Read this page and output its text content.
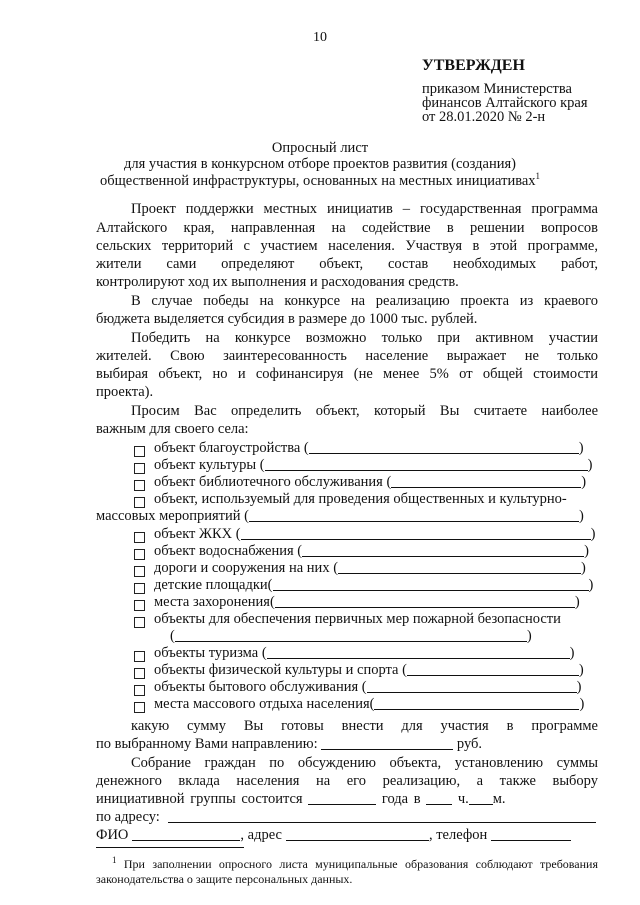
10
УТВЕРЖДЕН
приказом Министерства
финансов Алтайского края
от 28.01.2020 № 2-н
Опросный лист
для участия в конкурсном отборе проектов развития (создания)
общественной инфраструктуры, основанных на местных инициативах$^1$
Проект поддержки местных инициатив – государственная программа
Алтайского края, направленная на содействие в решении вопросов
сельских территорий с участием населения. Участвуя в этой программе,
жители сами определяют объект, состав необходимых работ,
контролируют ход их выполнения и расходования средств.
В случае победы на конкурсе на реализацию проекта из краевого
бюджета выделяется субсидия в размере до 1000 тыс. рублей.
Победить на конкурсе возможно только при активном участии
жителей. Свою заинтересованность население выражает не только
выбирая объект, но и софинансируя (не менее 5% от общей стоимости
проекта).
Просим Вас определить объект, который Вы считаете наиболее
важным для своего села:
объект благоустройства (	)
объект культуры (	)
объект библиотечного обслуживания (	)
объект, используемый для проведения общественных и культурно-
массовых мероприятий (	)
объект ЖКХ (	)
объект водоснабжения (	)
дороги и сооружения на них (	)
детские площадки(	)
места захоронения(	)
объекты для обеспечения первичных мер пожарной безопасности
(	)
объекты туризма (	)
объекты физической культуры и спорта (	)
объекты бытового обслуживания (	)
места массового отдыха населения(	)
какую сумму Вы готовы внести для участия в программе
по выбранному Вами направлению:	руб.
Собрание граждан по обсуждению объекта, установлению суммы
денежного вклада населения на его реализацию, а также выбору
инициативной группы состоится	года в	ч. м.
по адресу:
ФИО	, адрес	, телефон
$^1$ При заполнении опросного листа муниципальные образования соблюдают требования законодательства о защите персональных данных.
